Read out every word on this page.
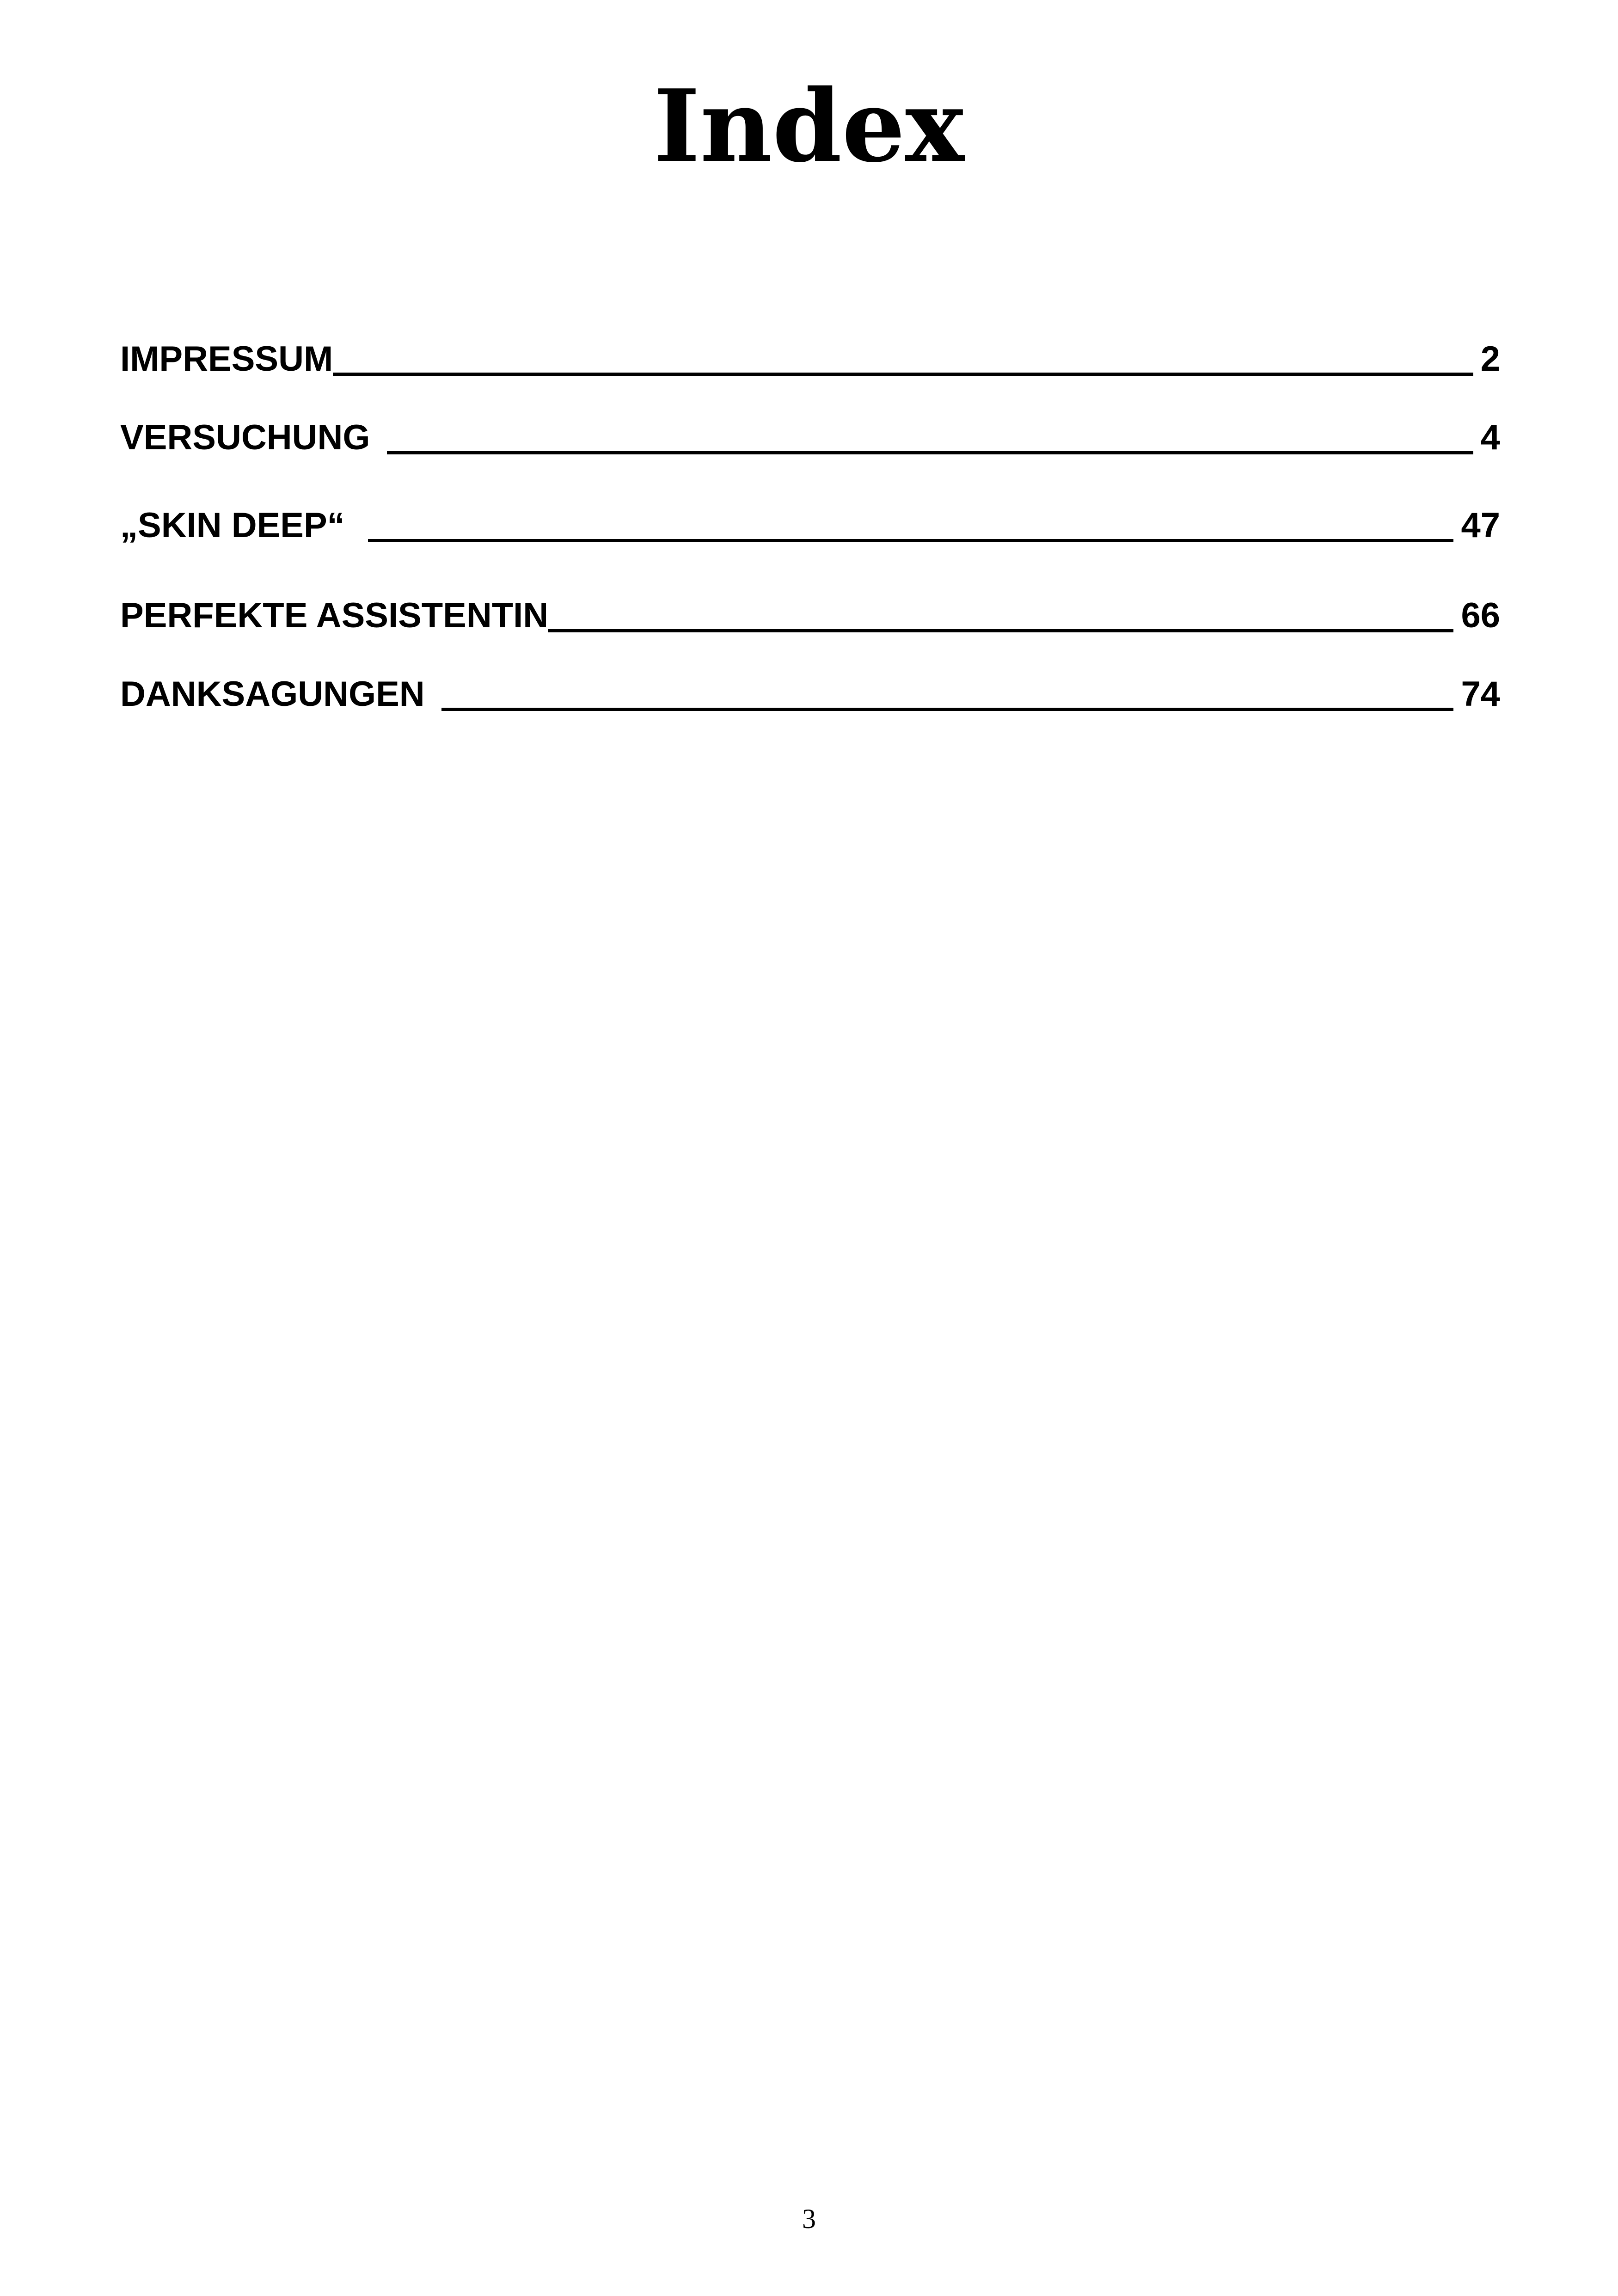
Index
IMPRESSUM	2
VERSUCHUNG	4
„SKIN DEEP“	47
PERFEKTE ASSISTENTIN	66
DANKSAGUNGEN	74
3
